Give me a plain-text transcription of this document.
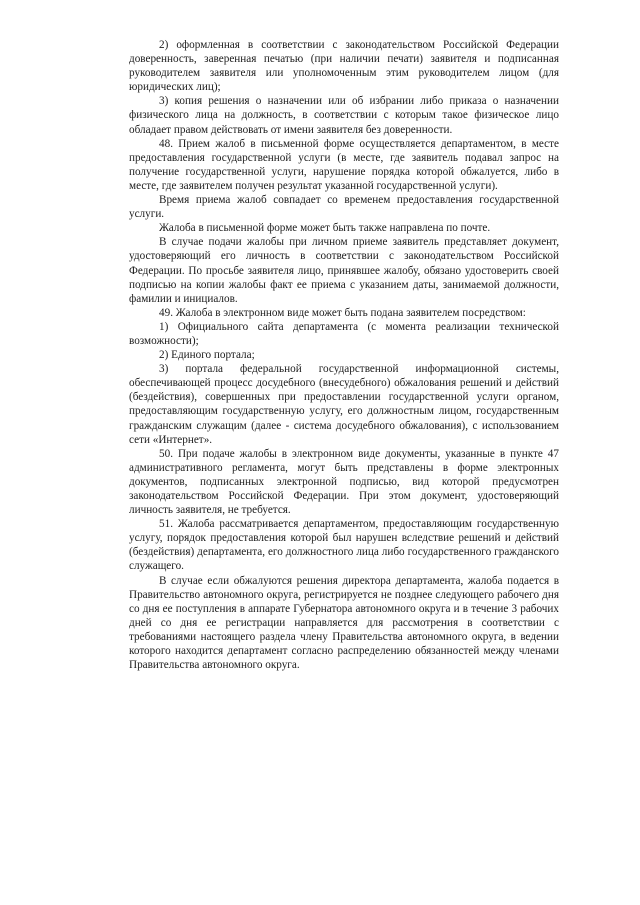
2) оформленная в соответствии с законодательством Российской Федерации доверенность, заверенная печатью (при наличии печати) заявителя и подписанная руководителем заявителя или уполномоченным этим руководителем лицом (для юридических лиц);

3) копия решения о назначении или об избрании либо приказа о назначении физического лица на должность, в соответствии с которым такое физическое лицо обладает правом действовать от имени заявителя без доверенности.

48. Прием жалоб в письменной форме осуществляется департаментом, в месте предоставления государственной услуги (в месте, где заявитель подавал запрос на получение государственной услуги, нарушение порядка которой обжалуется, либо в месте, где заявителем получен результат указанной государственной услуги).

Время приема жалоб совпадает со временем предоставления государственной услуги.

Жалоба в письменной форме может быть также направлена по почте.

В случае подачи жалобы при личном приеме заявитель представляет документ, удостоверяющий его личность в соответствии с законодательством Российской Федерации. По просьбе заявителя лицо, принявшее жалобу, обязано удостоверить своей подписью на копии жалобы факт ее приема с указанием даты, занимаемой должности, фамилии и инициалов.

49. Жалоба в электронном виде может быть подана заявителем посредством:

1) Официального сайта департамента (с момента реализации технической возможности);

2) Единого портала;

3) портала федеральной государственной информационной системы, обеспечивающей процесс досудебного (внесудебного) обжалования решений и действий (бездействия), совершенных при предоставлении государственной услуги органом, предоставляющим государственную услугу, его должностным лицом, государственным гражданским служащим (далее - система досудебного обжалования), с использованием сети «Интернет».

50. При подаче жалобы в электронном виде документы, указанные в пункте 47 административного регламента, могут быть представлены в форме электронных документов, подписанных электронной подписью, вид которой предусмотрен законодательством Российской Федерации. При этом документ, удостоверяющий личность заявителя, не требуется.

51. Жалоба рассматривается департаментом, предоставляющим государственную услугу, порядок предоставления которой был нарушен вследствие решений и действий (бездействия) департамента, его должностного лица либо государственного гражданского служащего.

В случае если обжалуются решения директора департамента, жалоба подается в Правительство автономного округа, регистрируется не позднее следующего рабочего дня со дня ее поступления в аппарате Губернатора автономного округа и в течение 3 рабочих дней со дня ее регистрации направляется для рассмотрения в соответствии с требованиями настоящего раздела члену Правительства автономного округа, в ведении которого находится департамент согласно распределению обязанностей между членами Правительства автономного округа.
